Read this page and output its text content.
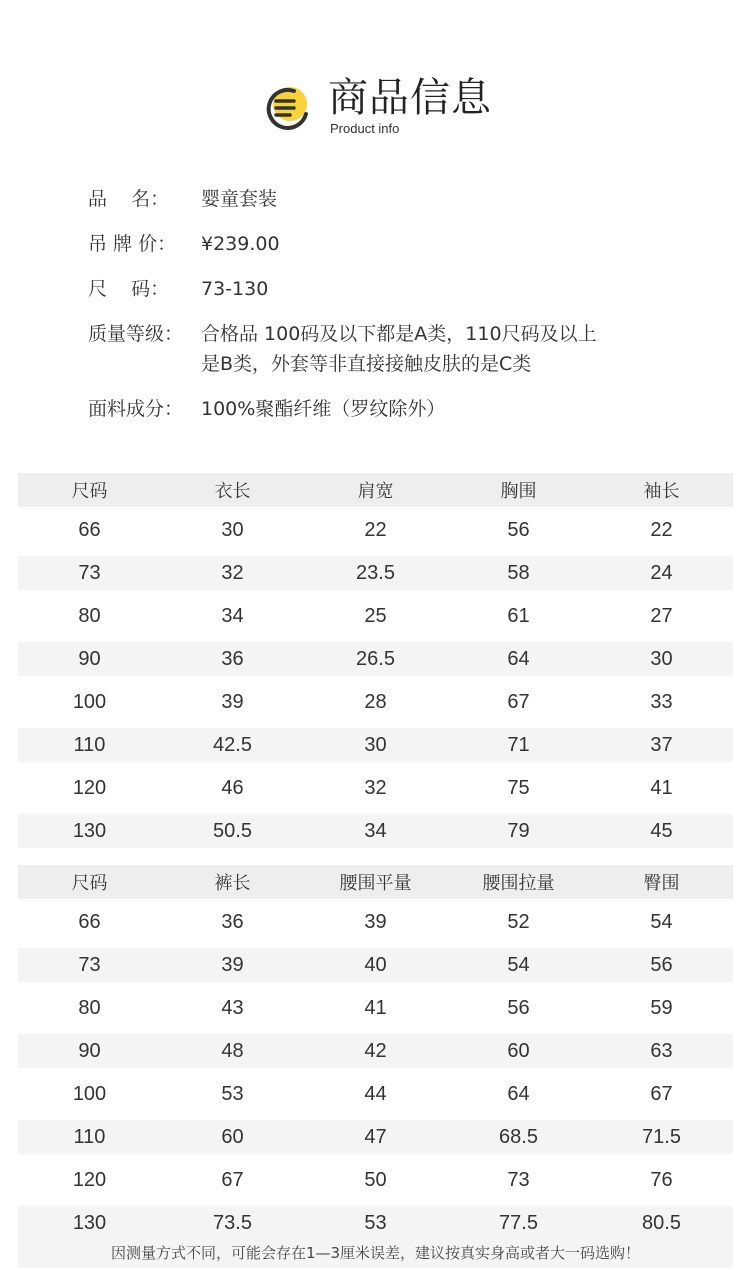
商品信息
Product info
品    名：	婴童套装
吊 牌 价：	¥239.00
尺    码：	73-130
质量等级： 合格品 100码及以下都是A类，110尺码及以上
是B类，外套等非直接接触皮肤的是C类
面料成分： 100%聚酯纤维（罗纹除外）
尺码	衣长	肩宽	胸围	袖长
66	30	22	56	22
73	32	23.5	58	24
80	34	25	61	27
90	36	26.5	64	30
100	39	28	67	33
110	42.5	30	71	37
120	46	32	75	41
130	50.5	34	79	45
尺码	裤长	腰围平量	腰围拉量	臀围
66	36	39	52	54
73	39	40	54	56
80	43	41	56	59
90	48	42	60	63
100	53	44	64	67
110	60	47	68.5	71.5
120	67	50	73	76
130	73.5	53	77.5	80.5
因测量方式不同，可能会存在1—3厘米误差，建议按真实身高或者大一码选购！
